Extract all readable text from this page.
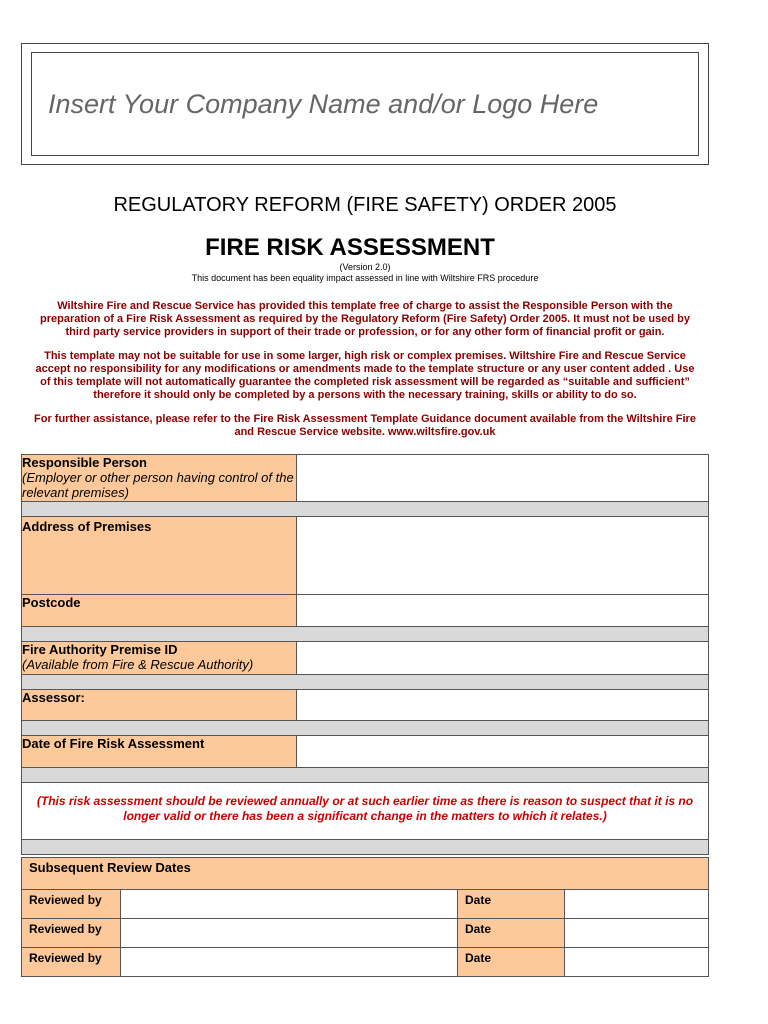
Insert Your Company Name and/or Logo Here
REGULATORY REFORM (FIRE SAFETY) ORDER 2005
FIRE RISK ASSESSMENT
(Version 2.0)
This document has been equality impact assessed in line with Wiltshire FRS procedure
Wiltshire Fire and Rescue Service has provided this template free of charge to assist the Responsible Person with the preparation of a Fire Risk Assessment as required by the Regulatory Reform (Fire Safety) Order 2005. It must not be used by third party service providers in support of their trade or profession, or for any other form of financial profit or gain.
This template may not be suitable for use in some larger, high risk or complex premises. Wiltshire Fire and Rescue Service accept no responsibility for any modifications or amendments made to the template structure or any user content added . Use of this template will not automatically guarantee the completed risk assessment will be regarded as “suitable and sufficient” therefore it should only be completed by a persons with the necessary training, skills or ability to do so.
For further assistance, please refer to the Fire Risk Assessment Template Guidance document available from the Wiltshire Fire and Rescue Service website. www.wiltsfire.gov.uk
Responsible Person
(Employer or other person having control of the relevant premises)	

Address of Premises	

Postcode	

Fire Authority Premise ID
(Available from Fire & Rescue Authority)	

Assessor:	

Date of Fire Risk Assessment	

(This risk assessment should be reviewed annually or at such earlier time as there is reason to suspect that it is no longer valid or there has been a significant change in the matters to which it relates.)	

Subsequent Review Dates			
Reviewed by		Date	
Reviewed by		Date	
Reviewed by		Date	
